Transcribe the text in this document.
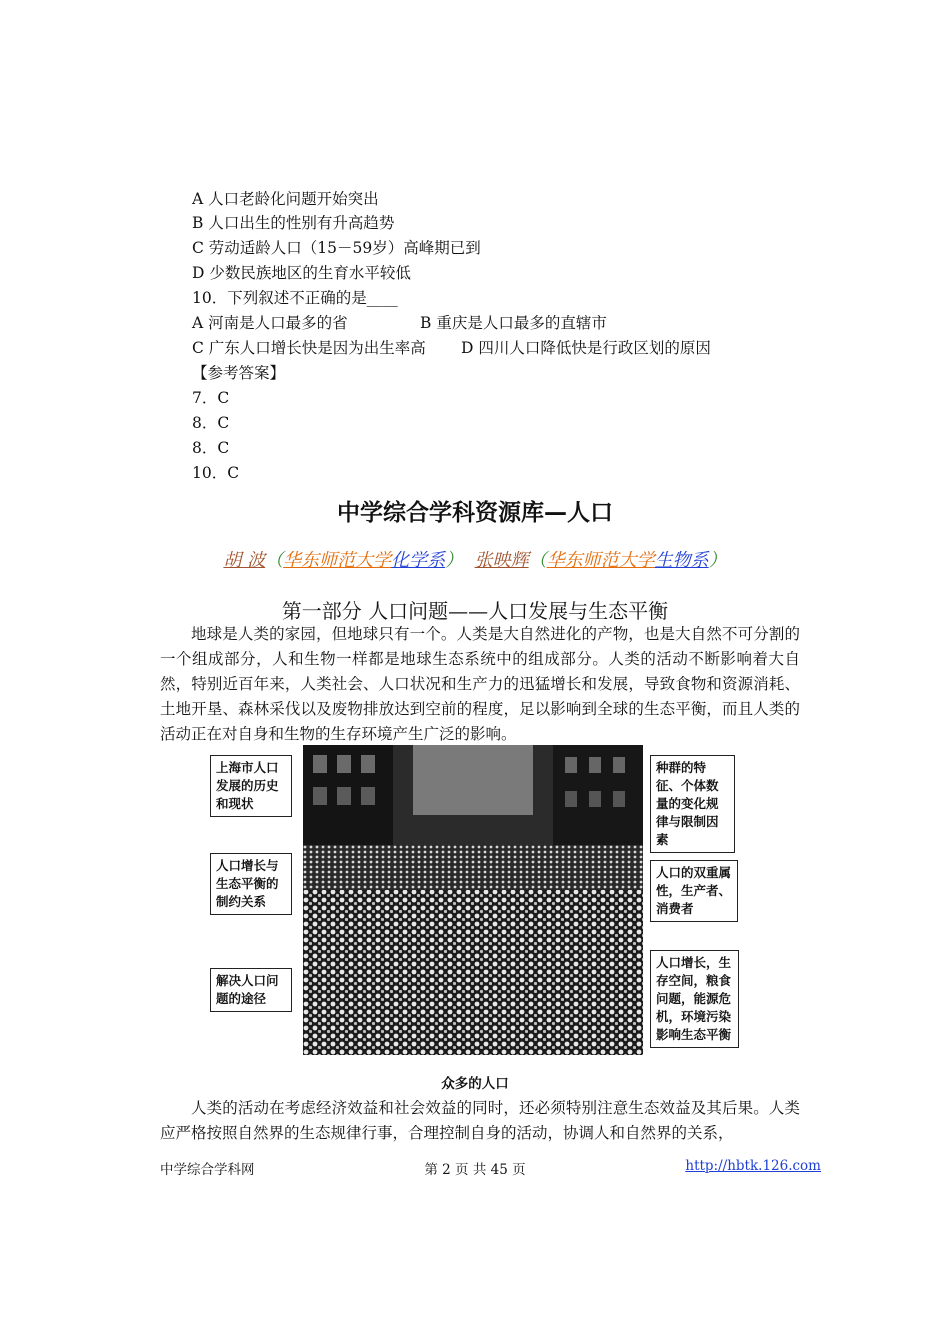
A 人口老龄化问题开始突出
B 人口出生的性别有升高趋势
C 劳动适龄人口（15－59岁）高峰期已到
D 少数民族地区的生育水平较低
10．下列叙述不正确的是____
A 河南是人口最多的省	B 重庆是人口最多的直辖市
C 广东人口增长快是因为出生率高 D 四川人口降低快是行政区划的原因
【参考答案】
7．C
8．C
8．C
10．C
中学综合学科资源库—人口
胡 波（华东师范大学化学系） 张映辉（华东师范大学生物系）
第一部分 人口问题——人口发展与生态平衡
地球是人类的家园，但地球只有一个。人类是大自然进化的产物，也是大自然不可分割的一个组成部分，人和生物一样都是地球生态系统中的组成部分。人类的活动不断影响着大自然，特别近百年来，人类社会、人口状况和生产力的迅猛增长和发展，导致食物和资源消耗、土地开垦、森林采伐以及废物排放达到空前的程度，足以影响到全球的生态平衡，而且人类的活动正在对自身和生物的生存环境产生广泛的影响。
上海市人口发展的历史和现状
人口增长与生态平衡的制约关系
解决人口问题的途径
种群的特征、个体数量的变化规律与限制因素
人口的双重属性，生产者、消费者
人口增长，生存空间，粮食问题，能源危机，环境污染影响生态平衡
众多的人口
人类的活动在考虑经济效益和社会效益的同时，还必须特别注意生态效益及其后果。人类应严格按照自然界的生态规律行事，合理控制自身的活动，协调人和自然界的关系，
中学综合学科网	第 2 页 共 45 页	http://hbtk.126.com
